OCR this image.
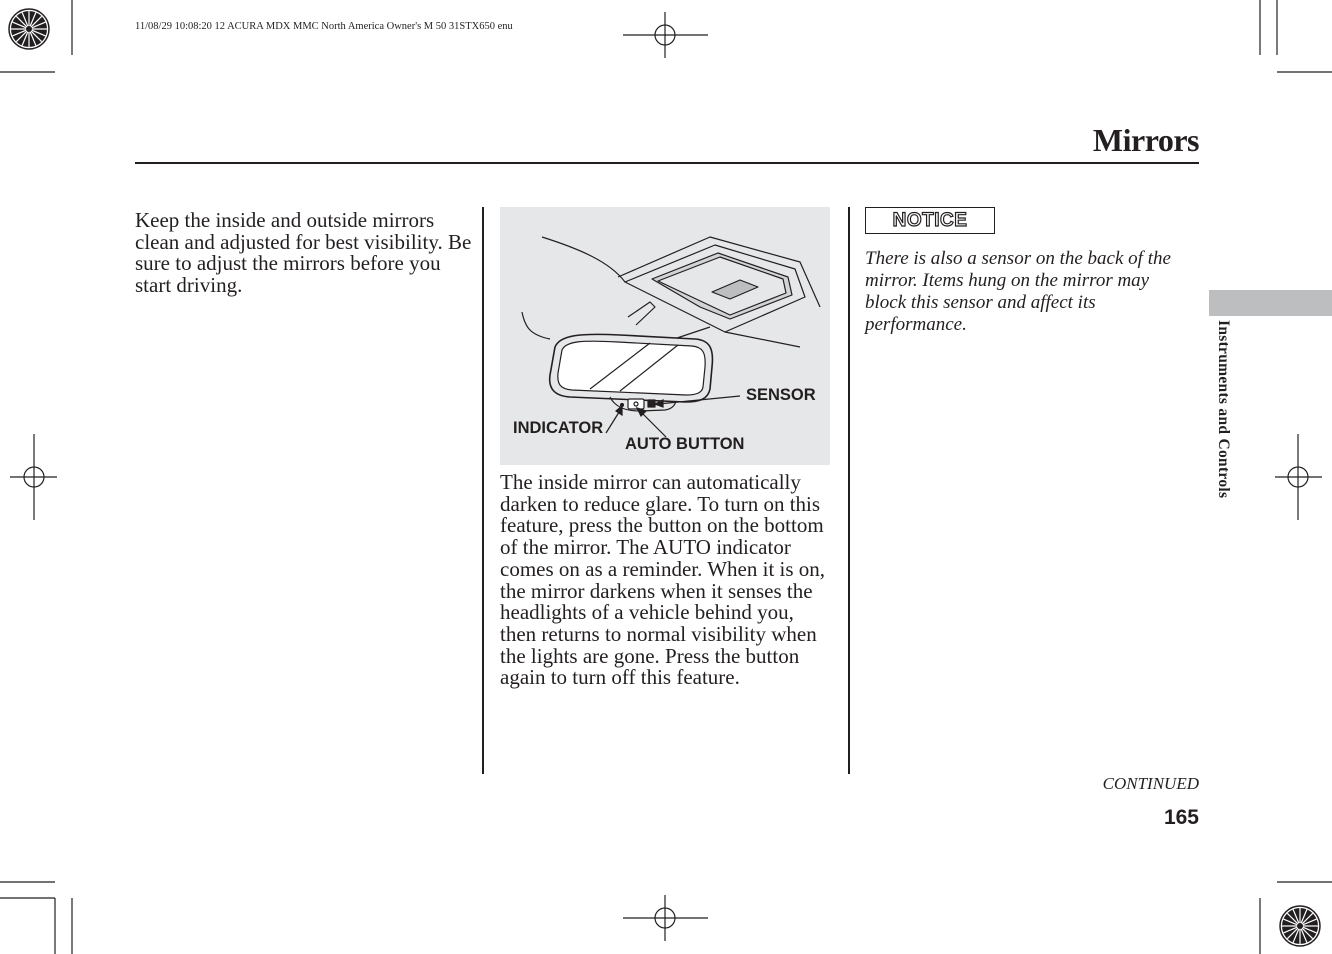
11/08/29 10:08:20 12 ACURA MDX MMC North America Owner's M 50 31STX650 enu
Mirrors
Keep the inside and outside mirrors clean and adjusted for best visibility. Be sure to adjust the mirrors before you start driving.
SENSOR
INDICATOR
AUTO BUTTON
The inside mirror can automatically darken to reduce glare. To turn on this feature, press the button on the bottom of the mirror. The AUTO indicator comes on as a reminder. When it is on, the mirror darkens when it senses the headlights of a vehicle behind you, then returns to normal visibility when the lights are gone. Press the button again to turn off this feature.
NOTICE
There is also a sensor on the back of the mirror. Items hung on the mirror may block this sensor and affect its performance.	Instruments and Controls
CONTINUED
165
